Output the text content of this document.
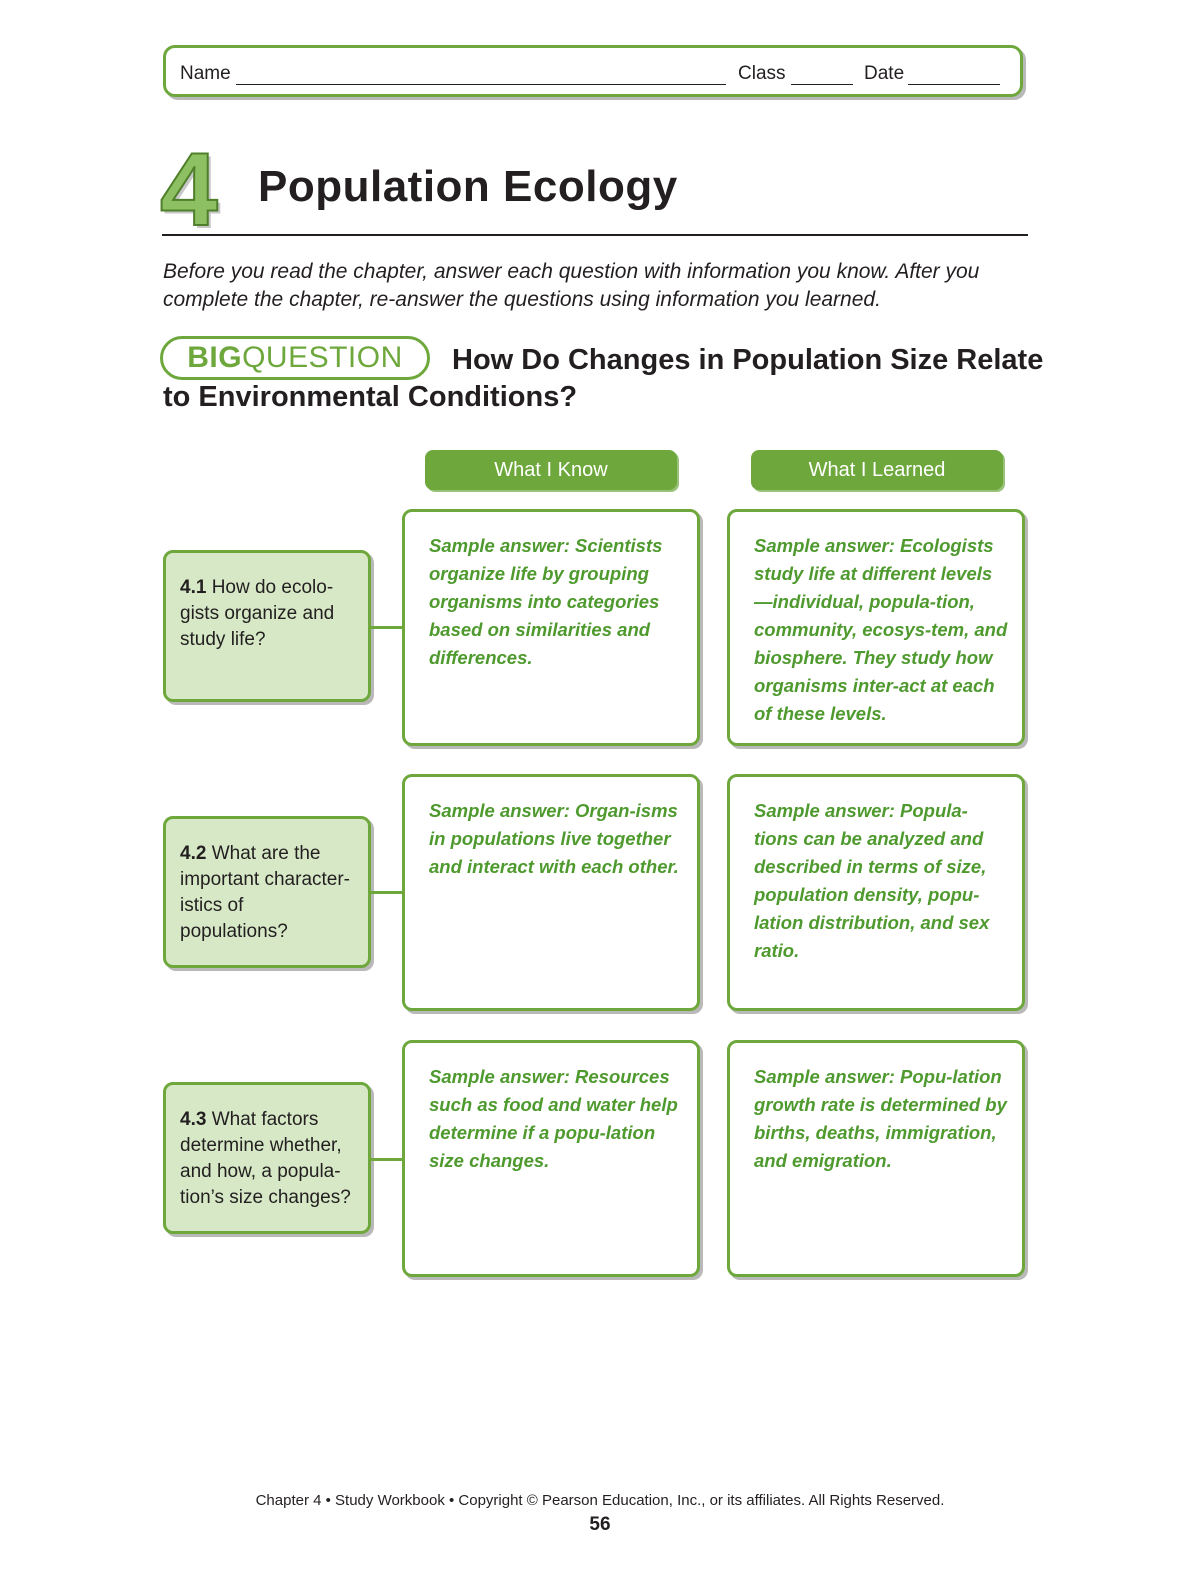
Name	Class	Date
4 Population Ecology
Before you read the chapter, answer each question with information you know. After you complete the chapter, re-answer the questions using information you learned.
How Do Changes in Population Size Relate to Environmental Conditions?
BIGQUESTION
What I Know	What I Learned
4.1 How do ecolo-gists organize and study life?
Sample answer: Scientists organize life by grouping organisms into categories based on similarities and differences.
Sample answer: Ecologists study life at different levels—individual, popula-tion, community, ecosys-tem, and biosphere. They study how organisms inter-act at each of these levels.
4.2 What are the important character-istics of populations?
Sample answer: Organ-isms in populations live together and interact with each other.
Sample answer: Popula-tions can be analyzed and described in terms of size, population density, popu-lation distribution, and sex ratio.
4.3 What factors determine whether, and how, a popula-tion’s size changes?
Sample answer: Resources such as food and water help determine if a popu-lation size changes.
Sample answer: Popu-lation growth rate is determined by births, deaths, immigration, and emigration.
Chapter 4 • Study Workbook • Copyright © Pearson Education, Inc., or its affiliates. All Rights Reserved.
56
